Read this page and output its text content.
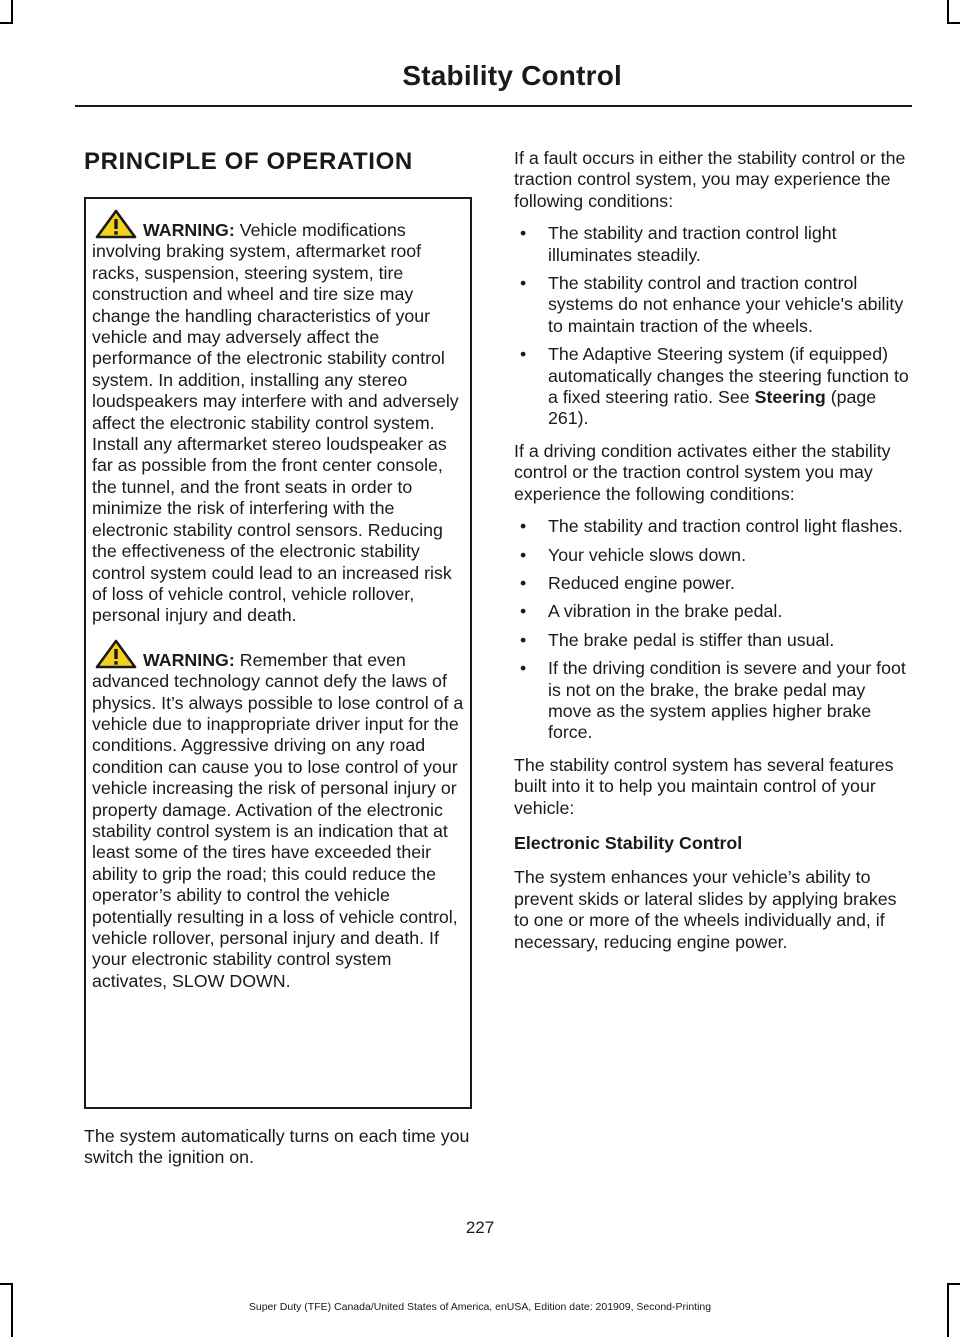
Stability Control
PRINCIPLE OF OPERATION

WARNING: Vehicle modifications involving braking system, aftermarket roof racks, suspension, steering system, tire construction and wheel and tire size may change the handling characteristics of your vehicle and may adversely affect the performance of the electronic stability control system. In addition, installing any stereo loudspeakers may interfere with and adversely affect the electronic stability control system. Install any aftermarket stereo loudspeaker as far as possible from the front center console, the tunnel, and the front seats in order to minimize the risk of interfering with the electronic stability control sensors. Reducing the effectiveness of the electronic stability control system could lead to an increased risk of loss of vehicle control, vehicle rollover, personal injury and death.

WARNING: Remember that even advanced technology cannot defy the laws of physics. It’s always possible to lose control of a vehicle due to inappropriate driver input for the conditions. Aggressive driving on any road condition can cause you to lose control of your vehicle increasing the risk of personal injury or property damage. Activation of the electronic stability control system is an indication that at least some of the tires have exceeded their ability to grip the road; this could reduce the operator’s ability to control the vehicle potentially resulting in a loss of vehicle control, vehicle rollover, personal injury and death. If your electronic stability control system activates, SLOW DOWN.

The system automatically turns on each time you switch the ignition on.

If a fault occurs in either the stability control or the traction control system, you may experience the following conditions:

• The stability and traction control light illuminates steadily.
• The stability control and traction control systems do not enhance your vehicle's ability to maintain traction of the wheels.
• The Adaptive Steering system (if equipped) automatically changes the steering function to a fixed steering ratio. See Steering (page 261).

If a driving condition activates either the stability control or the traction control system you may experience the following conditions:

• The stability and traction control light flashes.
• Your vehicle slows down.
• Reduced engine power.
• A vibration in the brake pedal.
• The brake pedal is stiffer than usual.
• If the driving condition is severe and your foot is not on the brake, the brake pedal may move as the system applies higher brake force.

The stability control system has several features built into it to help you maintain control of your vehicle:

Electronic Stability Control

The system enhances your vehicle’s ability to prevent skids or lateral slides by applying brakes to one or more of the wheels individually and, if necessary, reducing engine power.

227
Super Duty (TFE) Canada/United States of America, enUSA, Edition date: 201909, Second-Printing
